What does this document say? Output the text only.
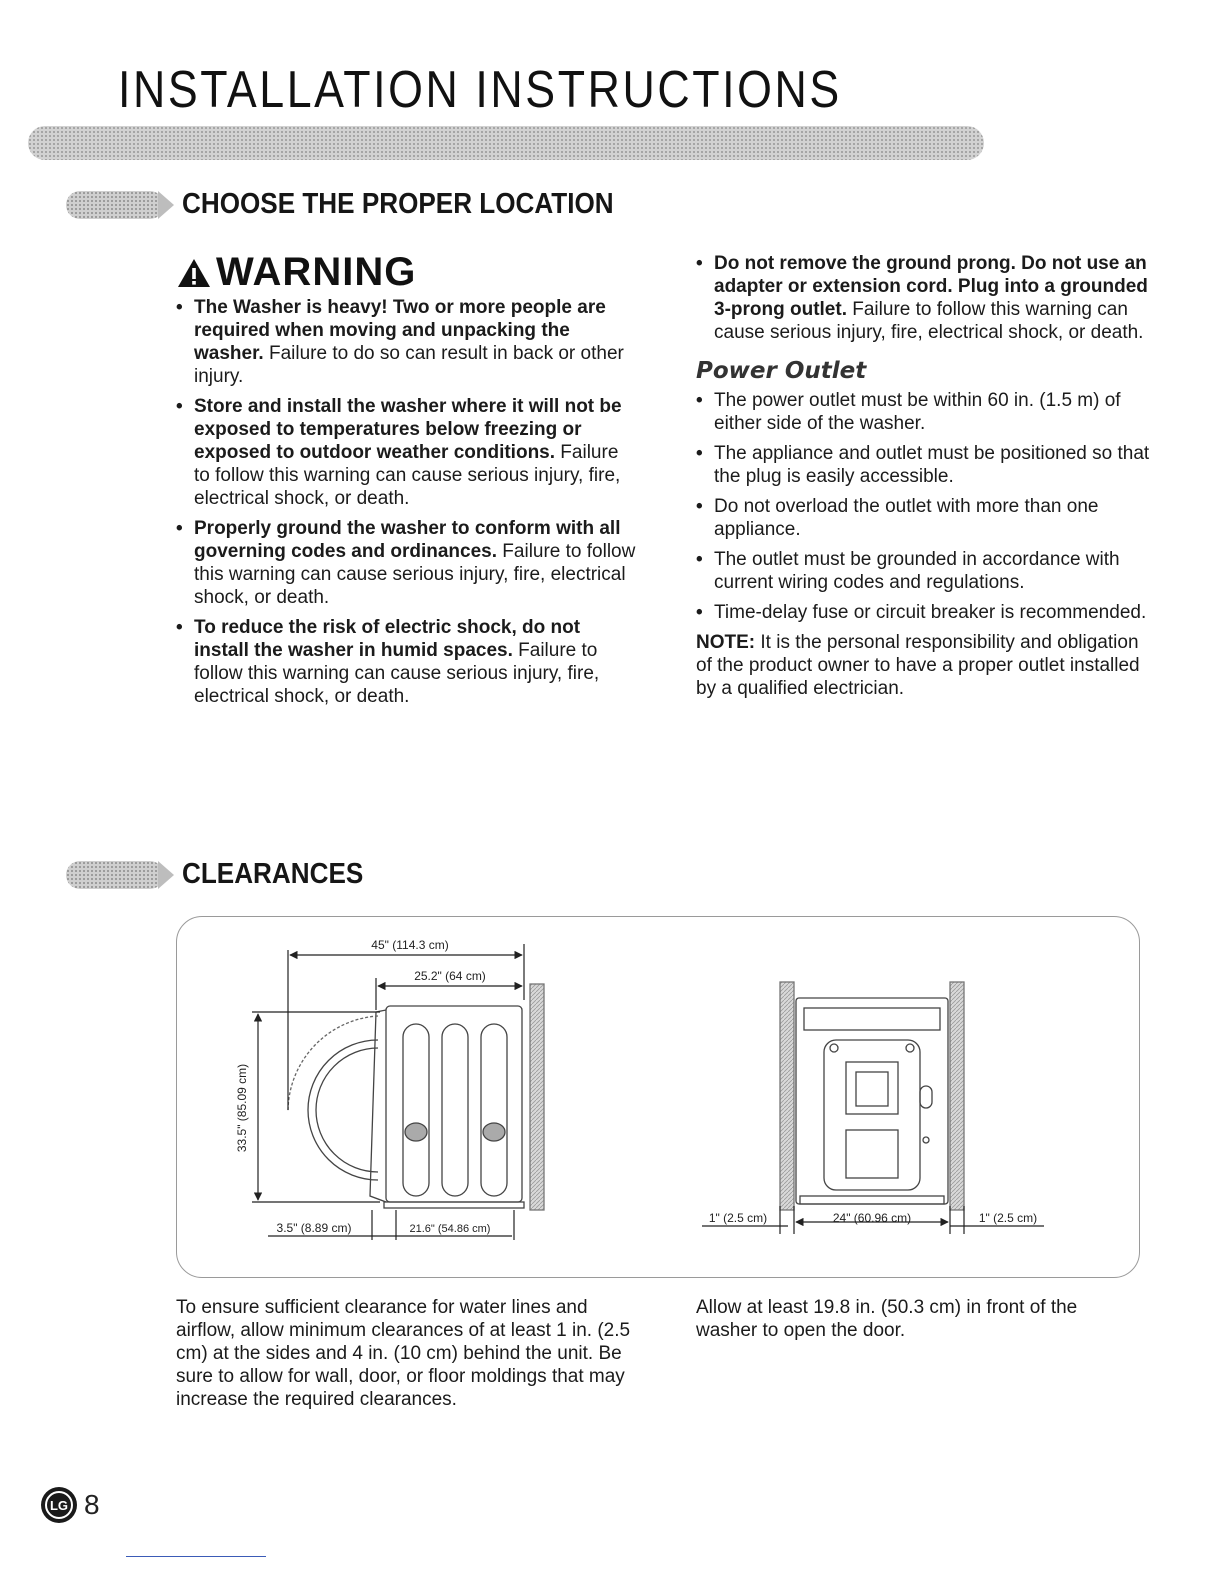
INSTALLATION INSTRUCTIONS
CHOOSE THE PROPER LOCATION
WARNING

• The Washer is heavy! Two or more people are required when moving and unpacking the washer. Failure to do so can result in back or other injury.

• Store and install the washer where it will not be exposed to temperatures below freezing or exposed to outdoor weather conditions. Failure to follow this warning can cause serious injury, fire, electrical shock, or death.

• Properly ground the washer to conform with all governing codes and ordinances. Failure to follow this warning can cause serious injury, fire, electrical shock, or death.

• To reduce the risk of electric shock, do not install the washer in humid spaces. Failure to follow this warning can cause serious injury, fire, electrical shock, or death.

• Do not remove the ground prong. Do not use an adapter or extension cord. Plug into a grounded 3-prong outlet. Failure to follow this warning can cause serious injury, fire, electrical shock, or death.

Power Outlet

• The power outlet must be within 60 in. (1.5 m) of either side of the washer.

• The appliance and outlet must be positioned so that the plug is easily accessible.

• Do not overload the outlet with more than one appliance.

• The outlet must be grounded in accordance with current wiring codes and regulations.

• Time-delay fuse or circuit breaker is recommended.

NOTE: It is the personal responsibility and obligation of the product owner to have a proper outlet installed by a qualified electrician.

CLEARANCES
45" (114.3 cm)
25.2" (64 cm)
33.5" (85.09 cm)
3.5" (8.89 cm)	21.6" (54.86 cm)
1" (2.5 cm)	24" (60.96 cm)	1" (2.5 cm)

To ensure sufficient clearance for water lines and airflow, allow minimum clearances of at least 1 in. (2.5 cm) at the sides and 4 in. (10 cm) behind the unit. Be sure to allow for wall, door, or floor moldings that may increase the required clearances.

Allow at least 19.8 in. (50.3 cm) in front of the washer to open the door.

LG 8
